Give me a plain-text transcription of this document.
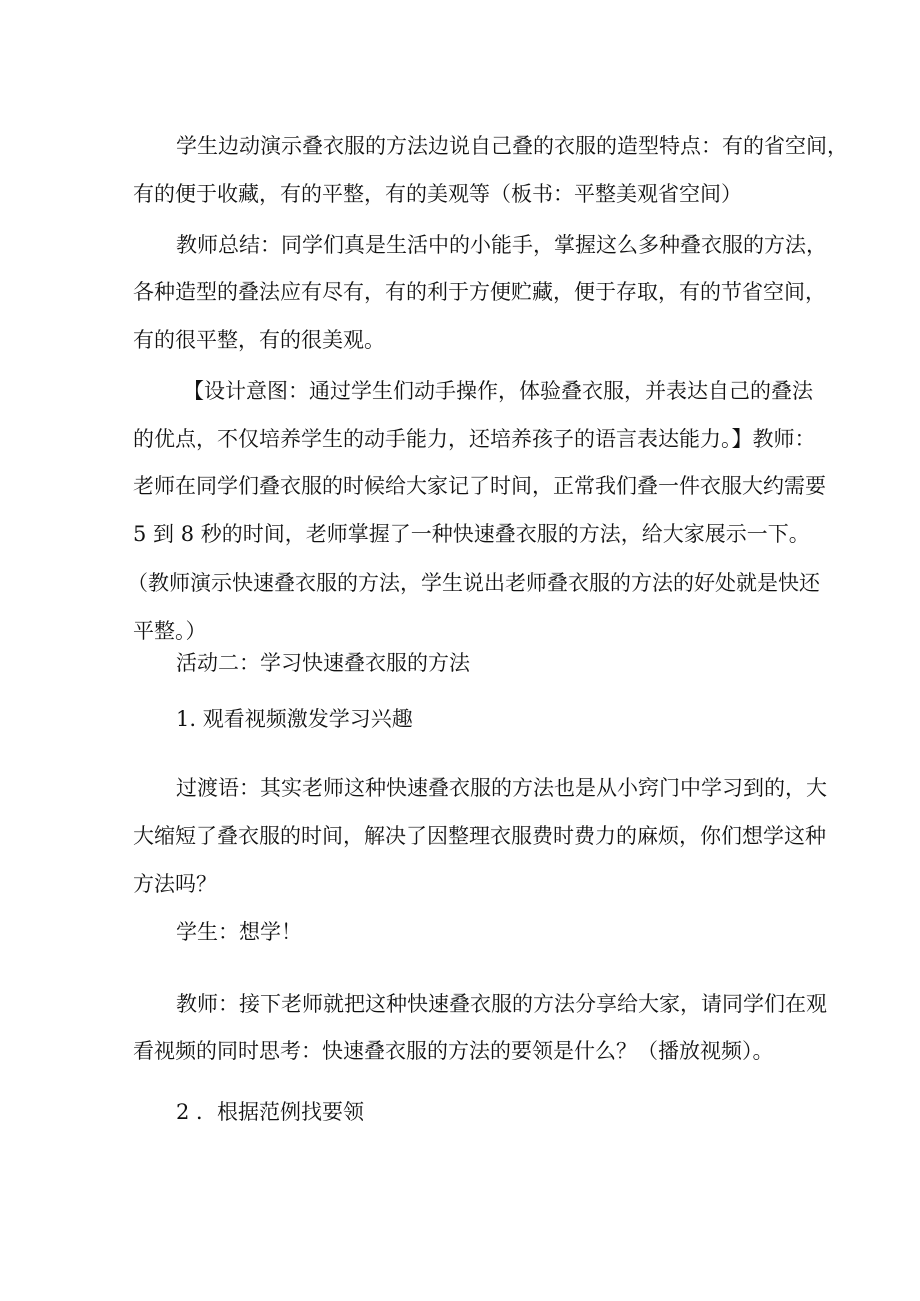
学生边动演示叠衣服的方法边说自己叠的衣服的造型特点：有的省空间，
有的便于收藏，有的平整，有的美观等（板书：平整美观省空间）
教师总结：同学们真是生活中的小能手，掌握这么多种叠衣服的方法，
各种造型的叠法应有尽有，有的利于方便贮藏，便于存取，有的节省空间，
有的很平整，有的很美观。
【设计意图：通过学生们动手操作，体验叠衣服，并表达自己的叠法
的优点，不仅培养学生的动手能力，还培养孩子的语言表达能力。】教师：
老师在同学们叠衣服的时候给大家记了时间，正常我们叠一件衣服大约需要
5 到 8 秒的时间，老师掌握了一种快速叠衣服的方法，给大家展示一下。
（教师演示快速叠衣服的方法，学生说出老师叠衣服的方法的好处就是快还
平整。）
活动二：学习快速叠衣服的方法
1. 观看视频激发学习兴趣
过渡语：其实老师这种快速叠衣服的方法也是从小窍门中学习到的，大
大缩短了叠衣服的时间，解决了因整理衣服费时费力的麻烦，你们想学这种
方法吗？
学生：想学！
教师：接下老师就把这种快速叠衣服的方法分享给大家，请同学们在观
看视频的同时思考：快速叠衣服的方法的要领是什么？（播放视频）。
2 ．根据范例找要领
